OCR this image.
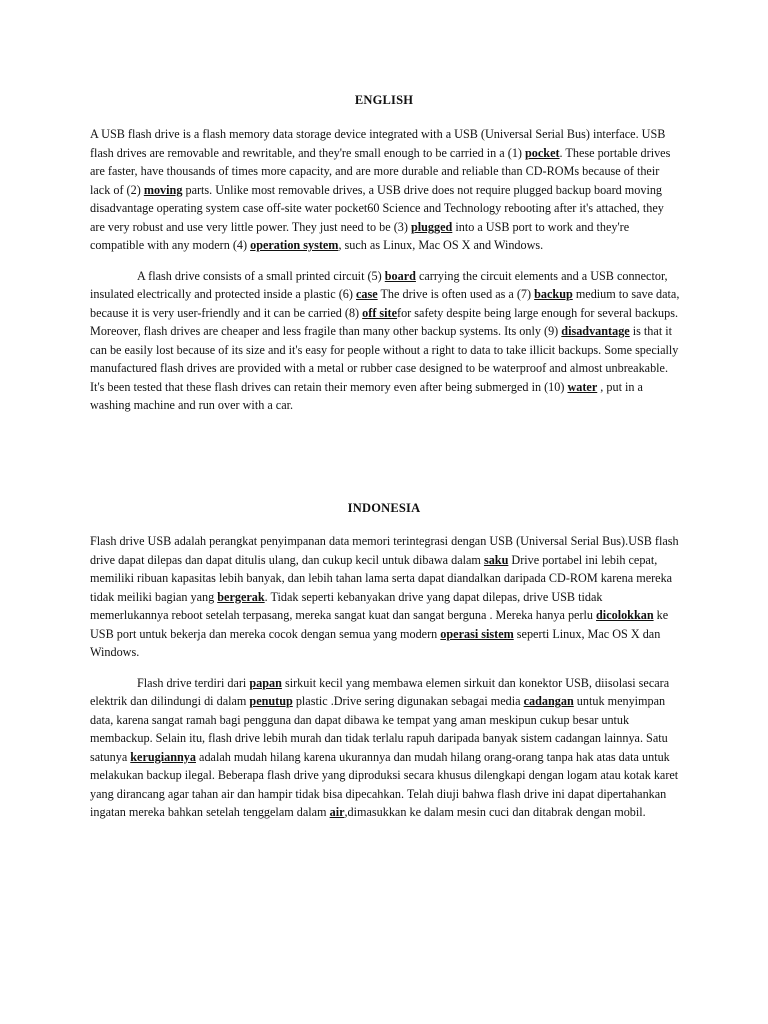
ENGLISH

A USB flash drive is a flash memory data storage device integrated with a USB (Universal Serial Bus) interface. USB flash drives are removable and rewritable, and they're small enough to be carried in a (1) pocket. These portable drives are faster, have thousands of times more capacity, and are more durable and reliable than CD-ROMs because of their lack of (2) moving parts. Unlike most removable drives, a USB drive does not require plugged backup board moving disadvantage operating system case off-site water pocket60 Science and Technology rebooting after it's attached, they are very robust and use very little power. They just need to be (3) plugged into a USB port to work and they're compatible with any modern (4) operation system, such as Linux, Mac OS X and Windows.

A flash drive consists of a small printed circuit (5) board carrying the circuit elements and a USB connector, insulated electrically and protected inside a plastic (6) case The drive is often used as a (7) backup medium to save data, because it is very user-friendly and it can be carried (8) off sitefor safety despite being large enough for several backups. Moreover, flash drives are cheaper and less fragile than many other backup systems. Its only (9) disadvantage is that it can be easily lost because of its size and it's easy for people without a right to data to take illicit backups. Some specially manufactured flash drives are provided with a metal or rubber case designed to be waterproof and almost unbreakable. It's been tested that these flash drives can retain their memory even after being submerged in (10) water , put in a washing machine and run over with a car.

INDONESIA

Flash drive USB adalah perangkat penyimpanan data memori terintegrasi dengan USB (Universal Serial Bus).USB flash drive dapat dilepas dan dapat ditulis ulang, dan cukup kecil untuk dibawa dalam saku Drive portabel ini lebih cepat, memiliki ribuan kapasitas lebih banyak, dan lebih tahan lama serta dapat diandalkan daripada CD-ROM karena mereka tidak meiliki bagian yang bergerak. Tidak seperti kebanyakan drive yang dapat dilepas, drive USB tidak memerlukannya reboot setelah terpasang, mereka sangat kuat dan sangat berguna . Mereka hanya perlu dicolokkan ke USB port untuk bekerja dan mereka cocok dengan semua yang modern operasi sistem seperti Linux, Mac OS X dan Windows.

Flash drive terdiri dari papan sirkuit kecil yang membawa elemen sirkuit dan konektor USB, diisolasi secara elektrik dan dilindungi di dalam penutup plastic .Drive sering digunakan sebagai media cadangan untuk menyimpan data, karena sangat ramah bagi pengguna dan dapat dibawa ke tempat yang aman meskipun cukup besar untuk membackup. Selain itu, flash drive lebih murah dan tidak terlalu rapuh daripada banyak sistem cadangan lainnya. Satu satunya kerugiannya adalah mudah hilang karena ukurannya dan mudah hilang orang-orang tanpa hak atas data untuk melakukan backup ilegal. Beberapa flash drive yang diproduksi secara khusus dilengkapi dengan logam atau kotak karet yang dirancang agar tahan air dan hampir tidak bisa dipecahkan. Telah diuji bahwa flash drive ini dapat dipertahankan ingatan mereka bahkan setelah tenggelam dalam air,dimasukkan ke dalam mesin cuci dan ditabrak dengan mobil.
